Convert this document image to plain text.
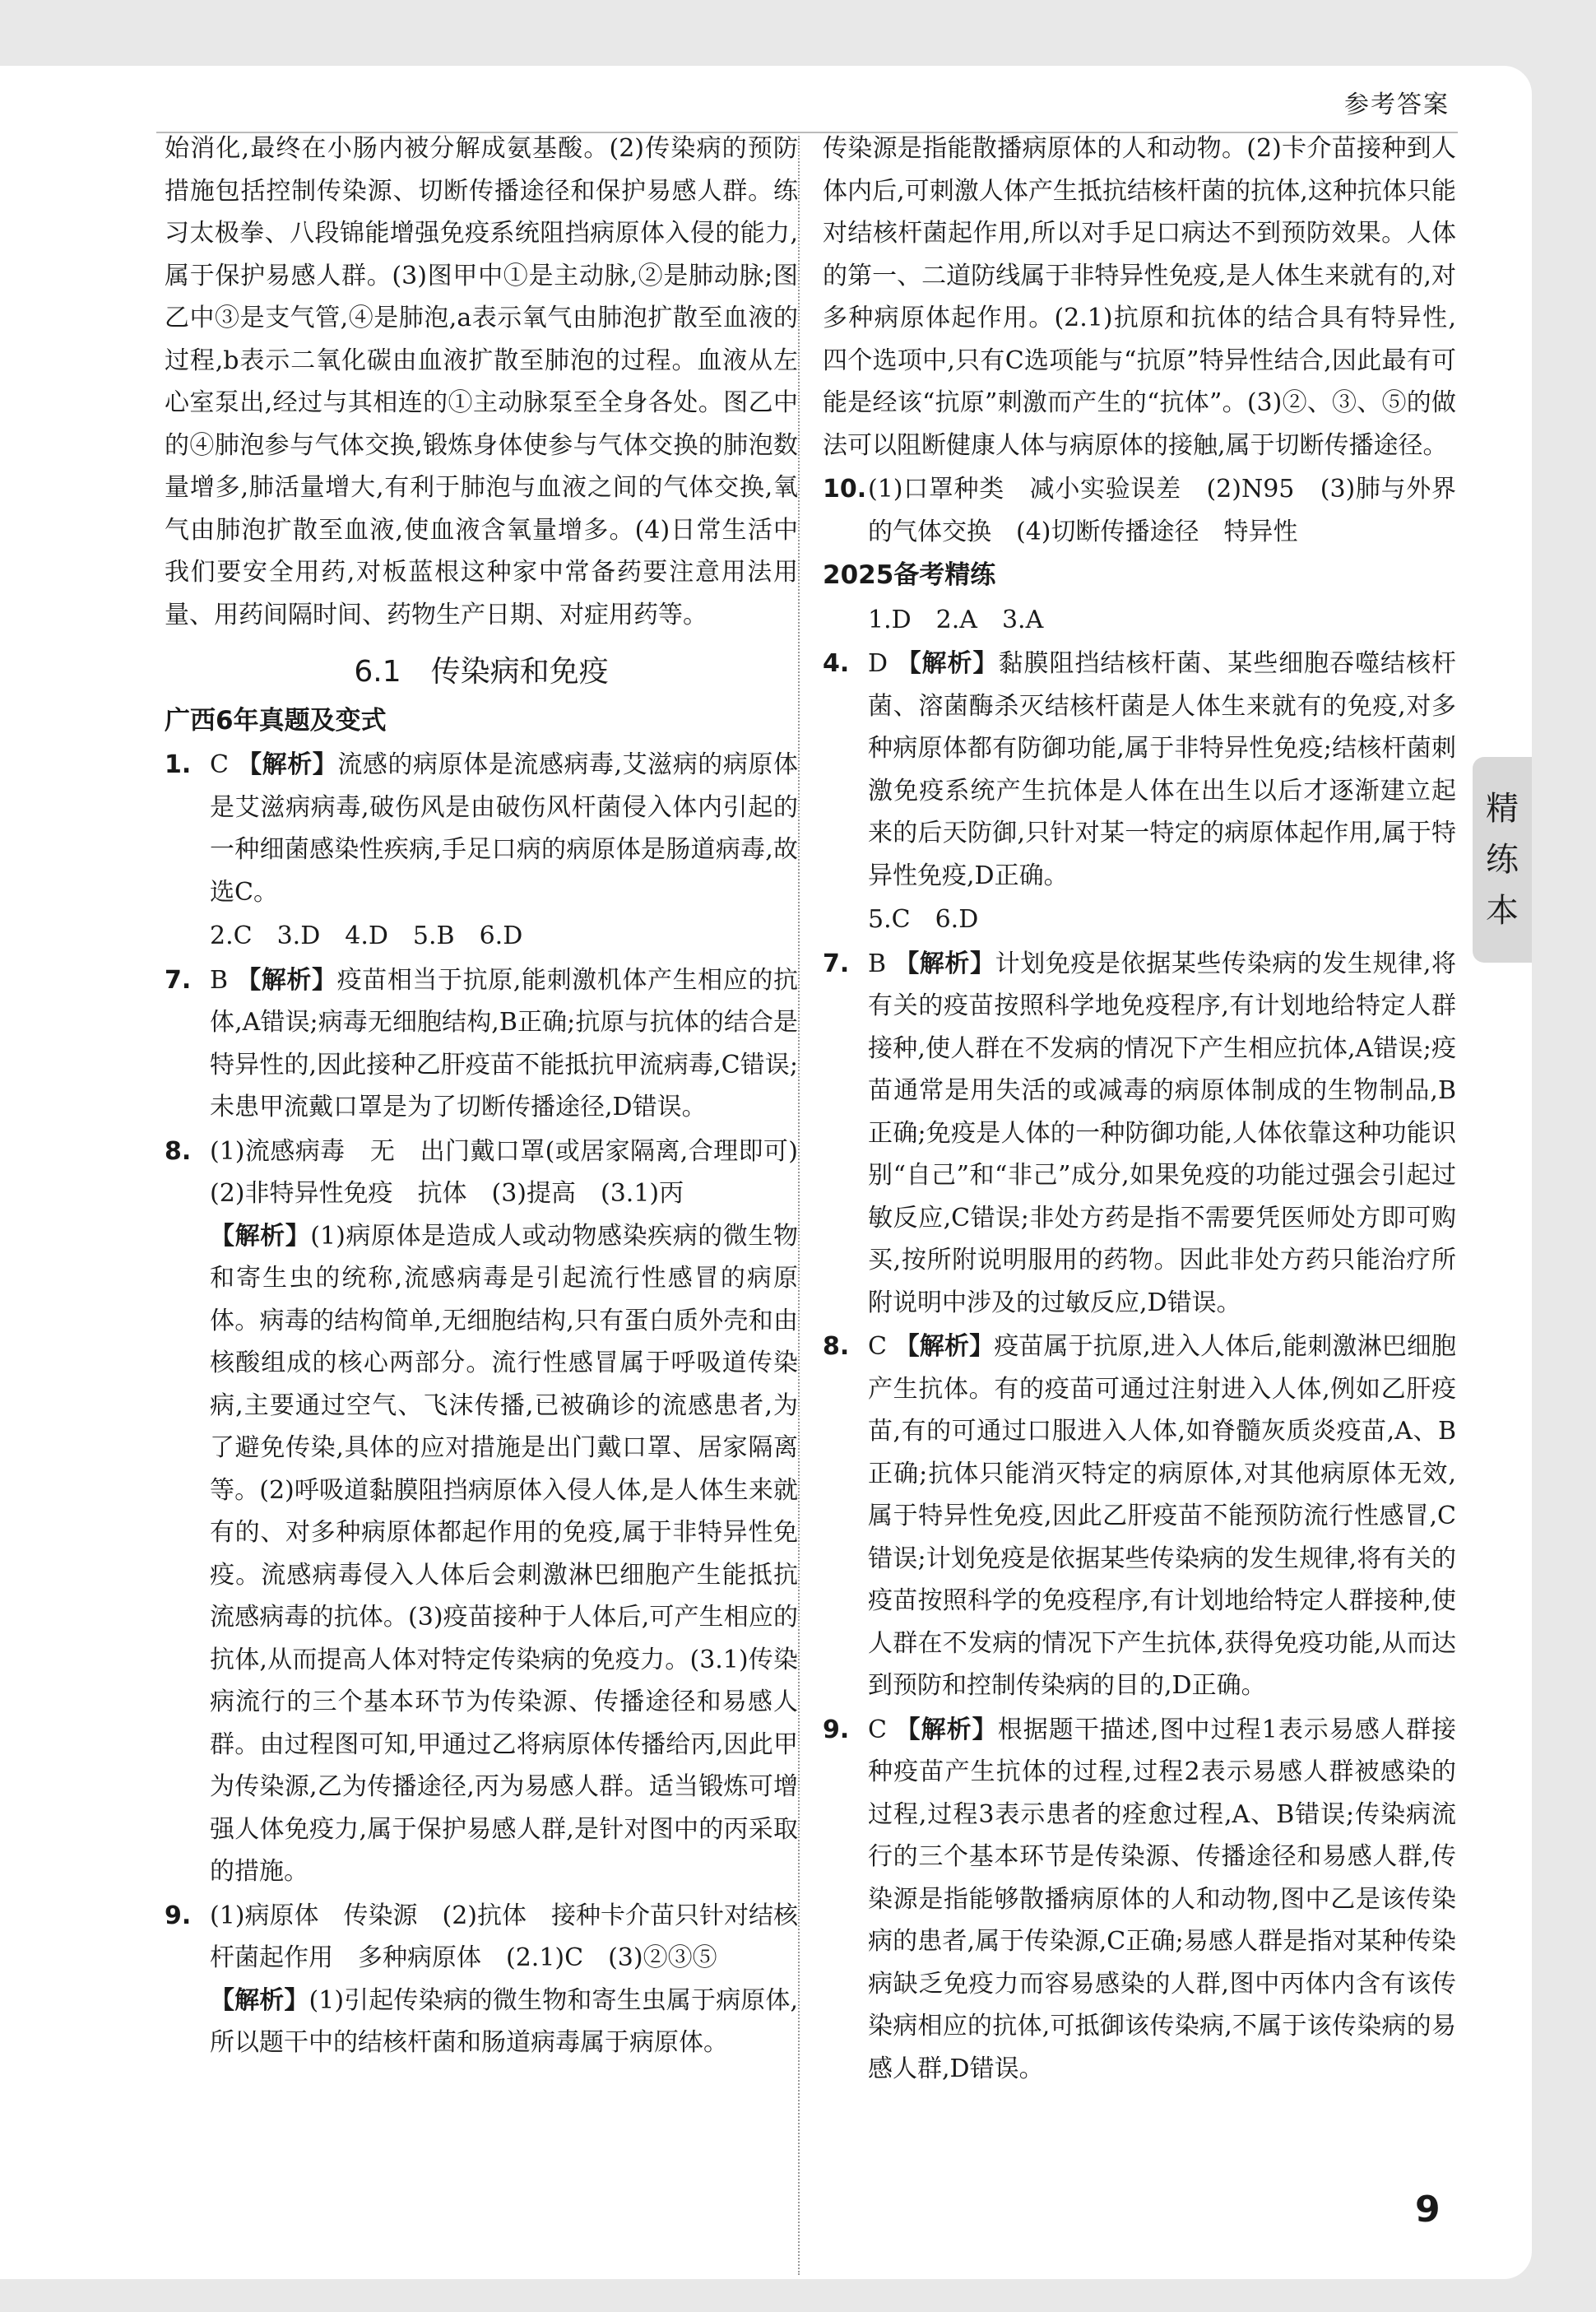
参考答案

始消化,最终在小肠内被分解成氨基酸。(2)传染病的预防措施包括控制传染源、切断传播途径和保护易感人群。练习太极拳、八段锦能增强免疫系统阻挡病原体入侵的能力,属于保护易感人群。(3)图甲中①是主动脉,②是肺动脉;图乙中③是支气管,④是肺泡,a表示氧气由肺泡扩散至血液的过程,b表示二氧化碳由血液扩散至肺泡的过程。血液从左心室泵出,经过与其相连的①主动脉泵至全身各处。图乙中的④肺泡参与气体交换,锻炼身体使参与气体交换的肺泡数量增多,肺活量增大,有利于肺泡与血液之间的气体交换,氧气由肺泡扩散至血液,使血液含氧量增多。(4)日常生活中我们要安全用药,对板蓝根这种家中常备药要注意用法用量、用药间隔时间、药物生产日期、对症用药等。

6.1　传染病和免疫
广西6年真题及变式

1. C 【解析】流感的病原体是流感病毒,艾滋病的病原体是艾滋病病毒,破伤风是由破伤风杆菌侵入体内引起的一种细菌感染性疾病,手足口病的病原体是肠道病毒,故选C。

2.C　3.D　4.D　5.B　6.D

7. B 【解析】疫苗相当于抗原,能刺激机体产生相应的抗体,A错误;病毒无细胞结构,B正确;抗原与抗体的结合是特异性的,因此接种乙肝疫苗不能抵抗甲流病毒,C错误;未患甲流戴口罩是为了切断传播途径,D错误。

8. (1)流感病毒　无　出门戴口罩(或居家隔离,合理即可)　(2)非特异性免疫　抗体　(3)提高　(3.1)丙
【解析】(1)病原体是造成人或动物感染疾病的微生物和寄生虫的统称,流感病毒是引起流行性感冒的病原体。病毒的结构简单,无细胞结构,只有蛋白质外壳和由核酸组成的核心两部分。流行性感冒属于呼吸道传染病,主要通过空气、飞沫传播,已被确诊的流感患者,为了避免传染,具体的应对措施是出门戴口罩、居家隔离等。(2)呼吸道黏膜阻挡病原体入侵人体,是人体生来就有的、对多种病原体都起作用的免疫,属于非特异性免疫。流感病毒侵入人体后会刺激淋巴细胞产生能抵抗流感病毒的抗体。(3)疫苗接种于人体后,可产生相应的抗体,从而提高人体对特定传染病的免疫力。(3.1)传染病流行的三个基本环节为传染源、传播途径和易感人群。由过程图可知,甲通过乙将病原体传播给丙,因此甲为传染源,乙为传播途径,丙为易感人群。适当锻炼可增强人体免疫力,属于保护易感人群,是针对图中的丙采取的措施。

9. (1)病原体　传染源　(2)抗体　接种卡介苗只针对结核杆菌起作用　多种病原体　(2.1)C　(3)②③⑤
【解析】(1)引起传染病的微生物和寄生虫属于病原体,所以题干中的结核杆菌和肠道病毒属于病原体。

传染源是指能散播病原体的人和动物。(2)卡介苗接种到人体内后,可刺激人体产生抵抗结核杆菌的抗体,这种抗体只能对结核杆菌起作用,所以对手足口病达不到预防效果。人体的第一、二道防线属于非特异性免疫,是人体生来就有的,对多种病原体起作用。(2.1)抗原和抗体的结合具有特异性,四个选项中,只有C选项能与“抗原”特异性结合,因此最有可能是经该“抗原”刺激而产生的“抗体”。(3)②、③、⑤的做法可以阻断健康人体与病原体的接触,属于切断传播途径。

10.(1)口罩种类　减小实验误差　(2)N95　(3)肺与外界的气体交换　(4)切断传播途径　特异性

2025备考精练

1.D　2.A　3.A

4. D 【解析】黏膜阻挡结核杆菌、某些细胞吞噬结核杆菌、溶菌酶杀灭结核杆菌是人体生来就有的免疫,对多种病原体都有防御功能,属于非特异性免疫;结核杆菌刺激免疫系统产生抗体是人体在出生以后才逐渐建立起来的后天防御,只针对某一特定的病原体起作用,属于特异性免疫,D正确。

5.C　6.D

7. B 【解析】计划免疫是依据某些传染病的发生规律,将有关的疫苗按照科学地免疫程序,有计划地给特定人群接种,使人群在不发病的情况下产生相应抗体,A错误;疫苗通常是用失活的或减毒的病原体制成的生物制品,B正确;免疫是人体的一种防御功能,人体依靠这种功能识别“自己”和“非己”成分,如果免疫的功能过强会引起过敏反应,C错误;非处方药是指不需要凭医师处方即可购买,按所附说明服用的药物。因此非处方药只能治疗所附说明中涉及的过敏反应,D错误。

8. C 【解析】疫苗属于抗原,进入人体后,能刺激淋巴细胞产生抗体。有的疫苗可通过注射进入人体,例如乙肝疫苗,有的可通过口服进入人体,如脊髓灰质炎疫苗,A、B正确;抗体只能消灭特定的病原体,对其他病原体无效,属于特异性免疫,因此乙肝疫苗不能预防流行性感冒,C错误;计划免疫是依据某些传染病的发生规律,将有关的疫苗按照科学的免疫程序,有计划地给特定人群接种,使人群在不发病的情况下产生抗体,获得免疫功能,从而达到预防和控制传染病的目的,D正确。

9. C 【解析】根据题干描述,图中过程1表示易感人群接种疫苗产生抗体的过程,过程2表示易感人群被感染的过程,过程3表示患者的痊愈过程,A、B错误;传染病流行的三个基本环节是传染源、传播途径和易感人群,传染源是指能够散播病原体的人和动物,图中乙是该传染病的患者,属于传染源,C正确;易感人群是指对某种传染病缺乏免疫力而容易感染的人群,图中丙体内含有该传染病相应的抗体,可抵御该传染病,不属于该传染病的易感人群,D错误。

精
练
本
9
